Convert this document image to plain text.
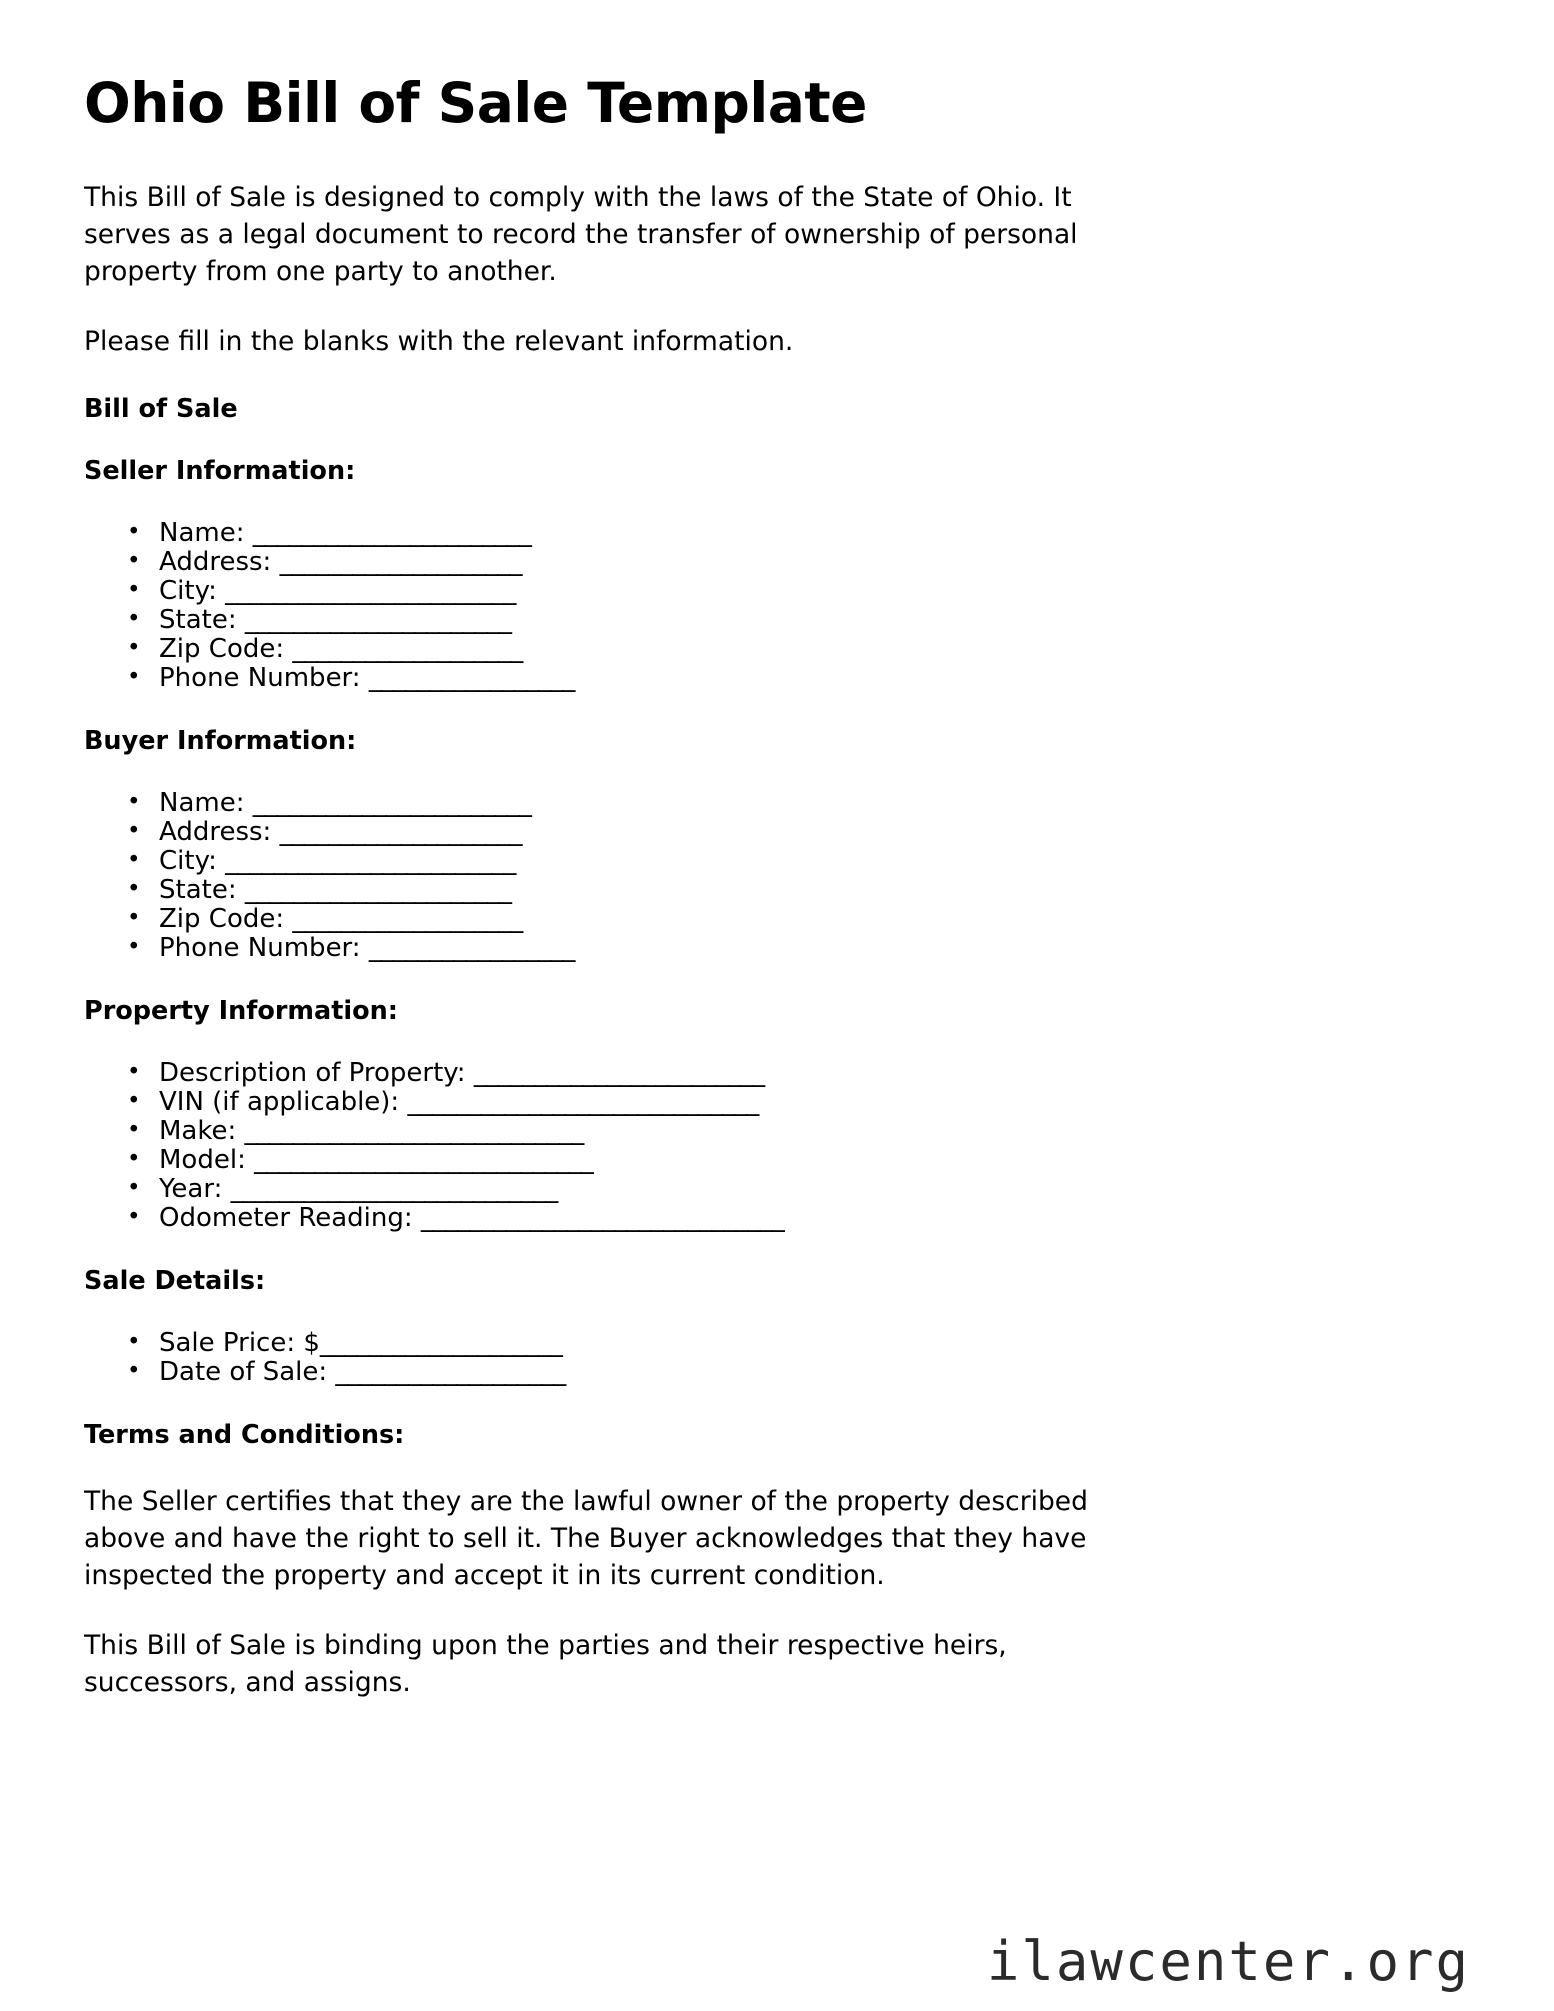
Ohio Bill of Sale Template

This Bill of Sale is designed to comply with the laws of the State of Ohio. It serves as a legal document to record the transfer of ownership of personal property from one party to another.

Please fill in the blanks with the relevant information.

Bill of Sale
Seller Information:
• Name: _______________________
• Address: ____________________
• City: ________________________
• State: ______________________
• Zip Code: ___________________
• Phone Number: _________________
Buyer Information:
• Name: _______________________
• Address: ____________________
• City: ________________________
• State: ______________________
• Zip Code: ___________________
• Phone Number: _________________
Property Information:
• Description of Property: ________________________
• VIN (if applicable): _____________________________
• Make: ____________________________
• Model: ____________________________
• Year: ___________________________
• Odometer Reading: ______________________________
Sale Details:
• Sale Price: $____________________
• Date of Sale: ___________________
Terms and Conditions:

The Seller certifies that they are the lawful owner of the property described above and have the right to sell it. The Buyer acknowledges that they have inspected the property and accept it in its current condition.

This Bill of Sale is binding upon the parties and their respective heirs, successors, and assigns.

ilawcenter.org
